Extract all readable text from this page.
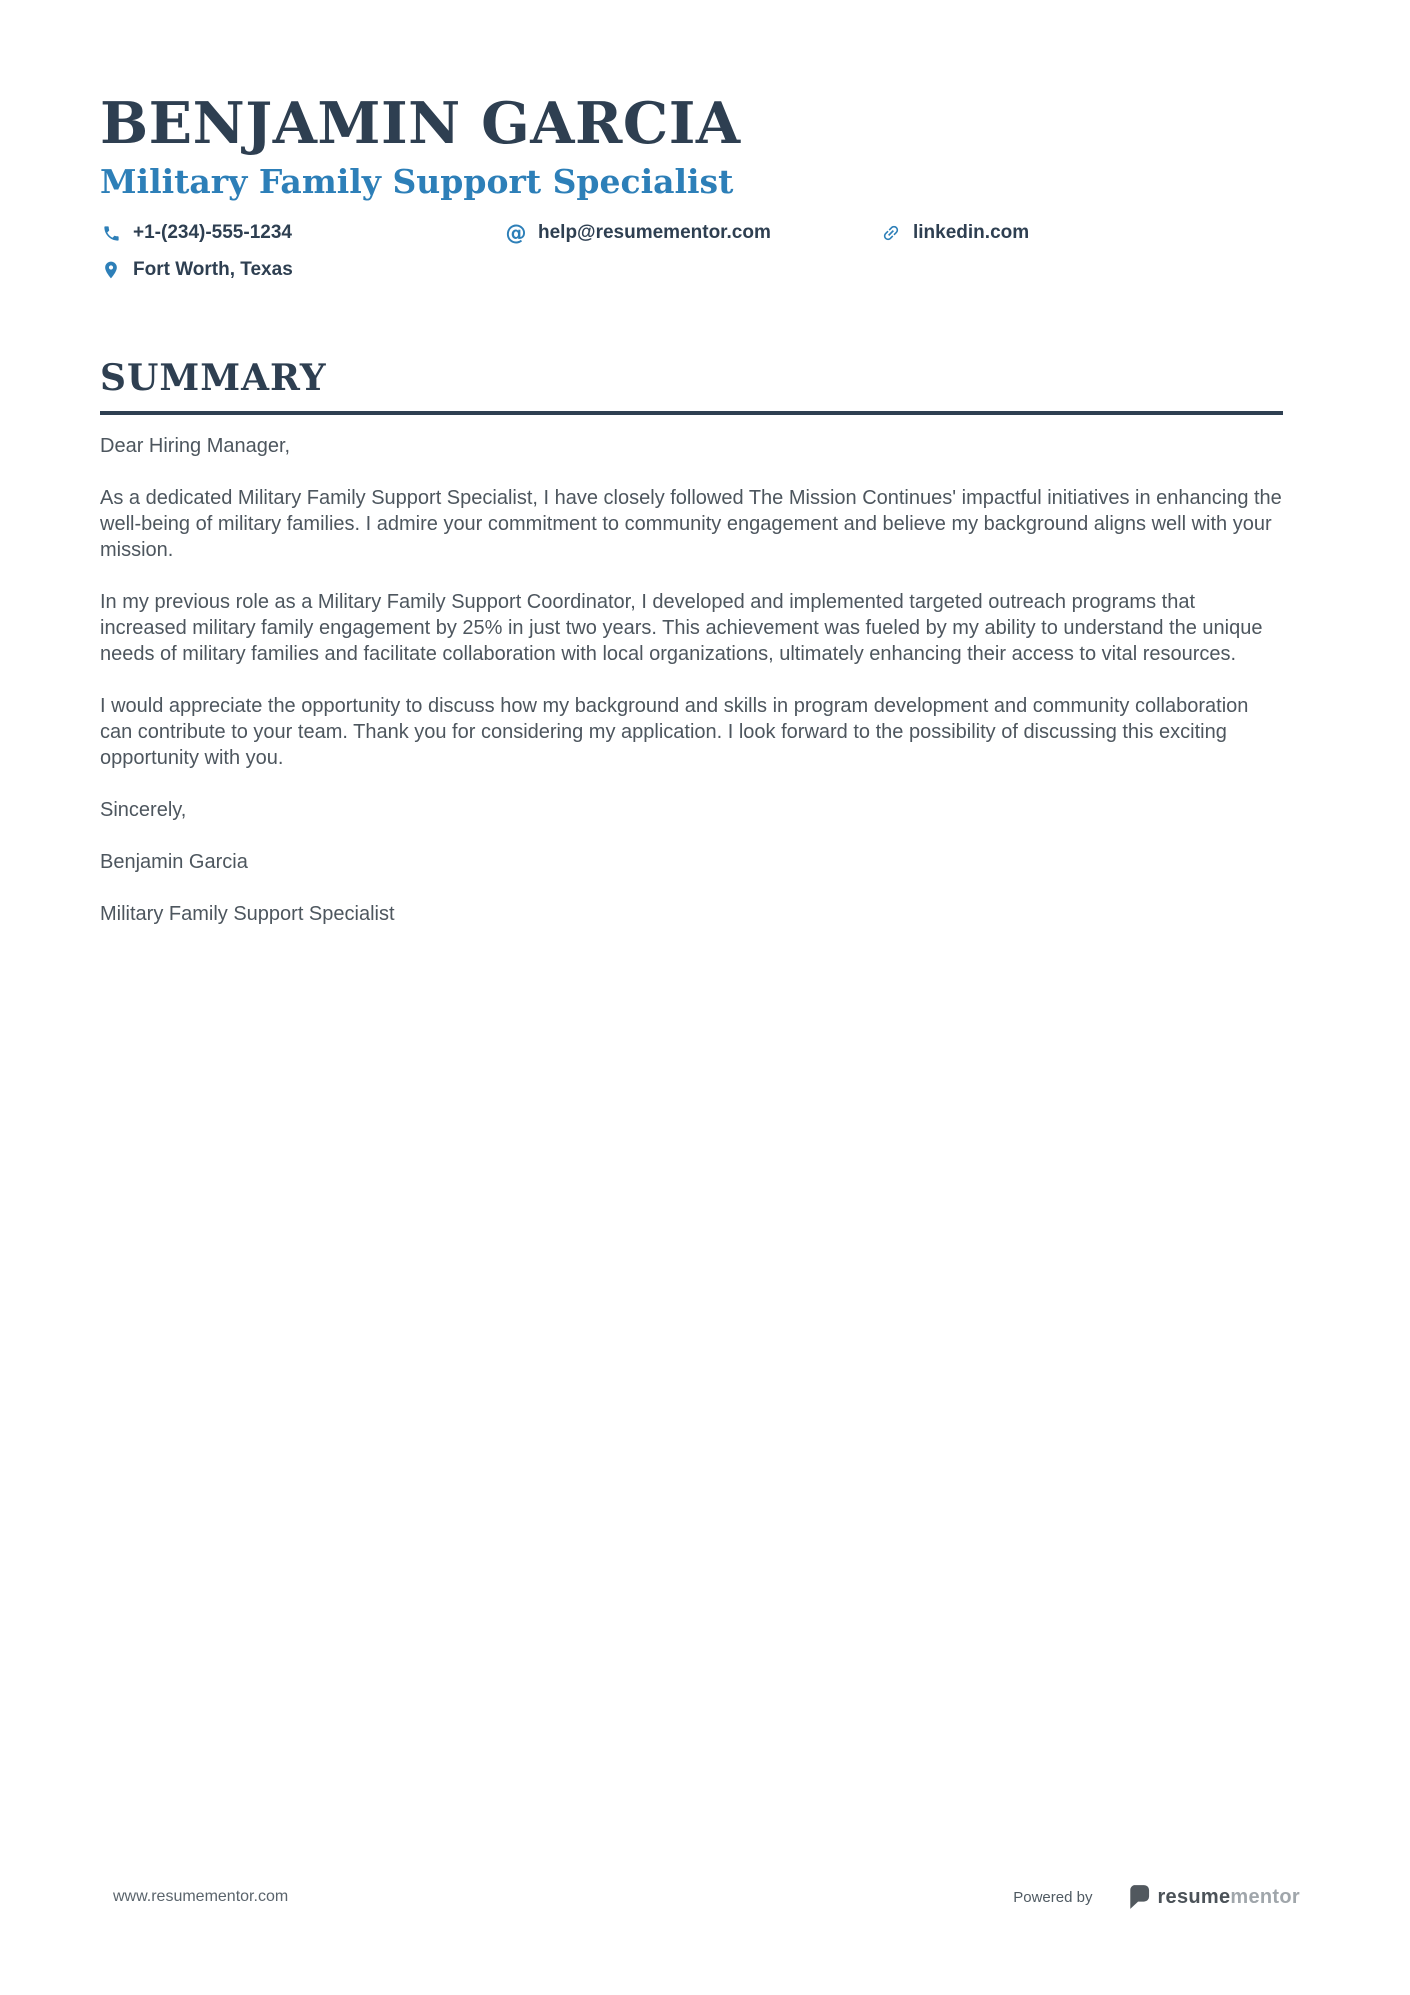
BENJAMIN GARCIA
Military Family Support Specialist
+1-(234)-555-1234	@ help@resumementor.com	linkedin.com
Fort Worth, Texas
SUMMARY

Dear Hiring Manager,

As a dedicated Military Family Support Specialist, I have closely followed The Mission Continues' impactful initiatives in enhancing the well-being of military families. I admire your commitment to community engagement and believe my background aligns well with your mission.

In my previous role as a Military Family Support Coordinator, I developed and implemented targeted outreach programs that increased military family engagement by 25% in just two years. This achievement was fueled by my ability to understand the unique needs of military families and facilitate collaboration with local organizations, ultimately enhancing their access to vital resources.

I would appreciate the opportunity to discuss how my background and skills in program development and community collaboration can contribute to your team. Thank you for considering my application. I look forward to the possibility of discussing this exciting opportunity with you.

Sincerely,

Benjamin Garcia

Military Family Support Specialist

www.resumementor.com	Powered by	resumementor
